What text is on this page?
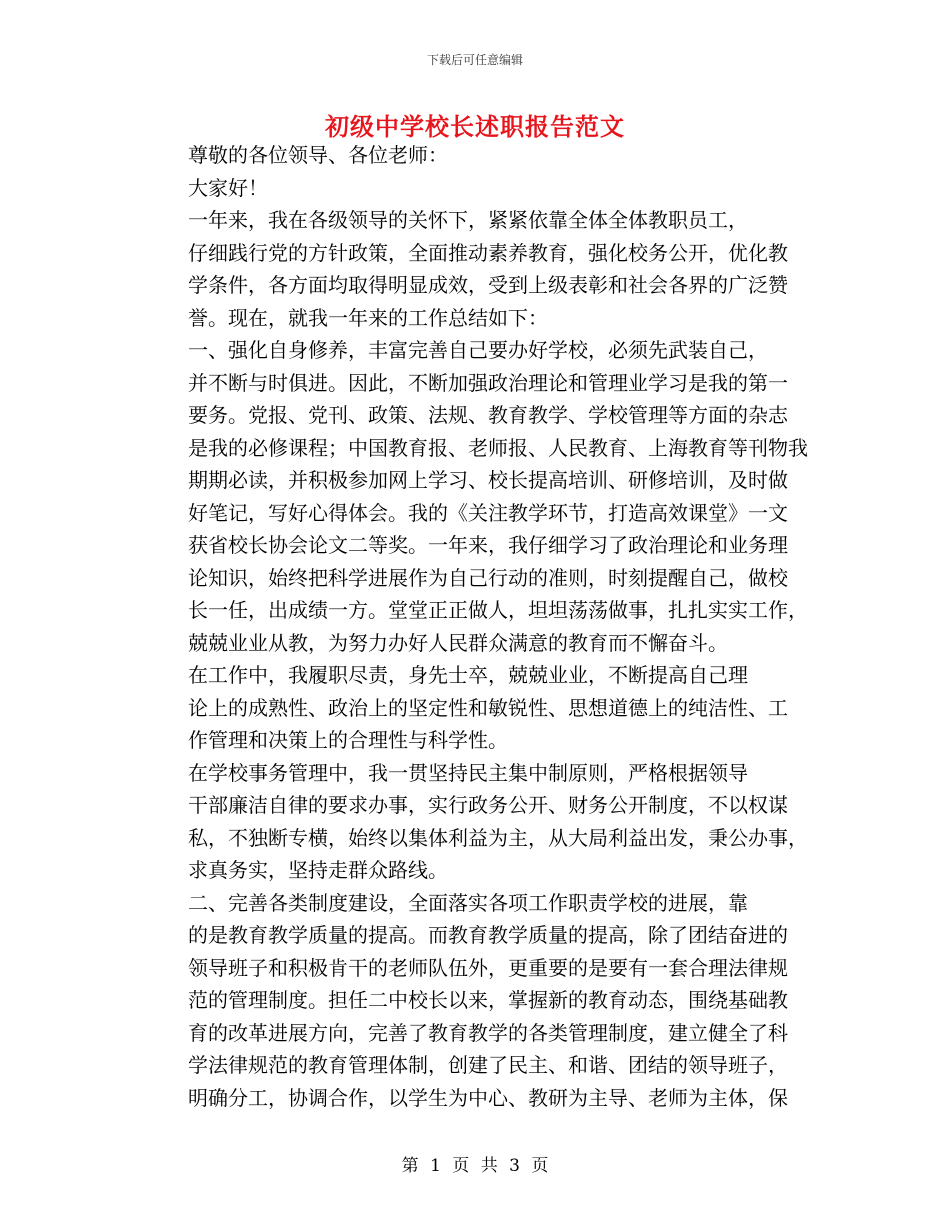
下载后可任意编辑
初级中学校长述职报告范文

尊敬的各位领导、各位老师：

大家好！

一年来，我在各级领导的关怀下，紧紧依靠全体全体教职员工，
仔细践行党的方针政策，全面推动素养教育，强化校务公开，优化教
学条件，各方面均取得明显成效，受到上级表彰和社会各界的广泛赞
誉。现在，就我一年来的工作总结如下：

一、强化自身修养，丰富完善自己要办好学校，必须先武装自己，
并不断与时俱进。因此，不断加强政治理论和管理业学习是我的第一
要务。党报、党刊、政策、法规、教育教学、学校管理等方面的杂志
是我的必修课程；中国教育报、老师报、人民教育、上海教育等刊物我
期期必读，并积极参加网上学习、校长提高培训、研修培训，及时做
好笔记，写好心得体会。我的《关注教学环节，打造高效课堂》一文
获省校长协会论文二等奖。一年来，我仔细学习了政治理论和业务理
论知识，始终把科学进展作为自己行动的准则，时刻提醒自己，做校
长一任，出成绩一方。堂堂正正做人，坦坦荡荡做事，扎扎实实工作，
兢兢业业从教，为努力办好人民群众满意的教育而不懈奋斗。

在工作中，我履职尽责，身先士卒，兢兢业业，不断提高自己理
论上的成熟性、政治上的坚定性和敏锐性、思想道德上的纯洁性、工
作管理和决策上的合理性与科学性。

在学校事务管理中，我一贯坚持民主集中制原则，严格根据领导
干部廉洁自律的要求办事，实行政务公开、财务公开制度，不以权谋
私，不独断专横，始终以集体利益为主，从大局利益出发，秉公办事，
求真务实，坚持走群众路线。

二、完善各类制度建设，全面落实各项工作职责学校的进展，靠
的是教育教学质量的提高。而教育教学质量的提高，除了团结奋进的
领导班子和积极肯干的老师队伍外，更重要的是要有一套合理法律规
范的管理制度。担任二中校长以来，掌握新的教育动态，围绕基础教
育的改革进展方向，完善了教育教学的各类管理制度，建立健全了科
学法律规范的教育管理体制，创建了民主、和谐、团结的领导班子，
明确分工，协调合作，以学生为中心、教研为主导、老师为主体，保

第 1 页 共 3 页
